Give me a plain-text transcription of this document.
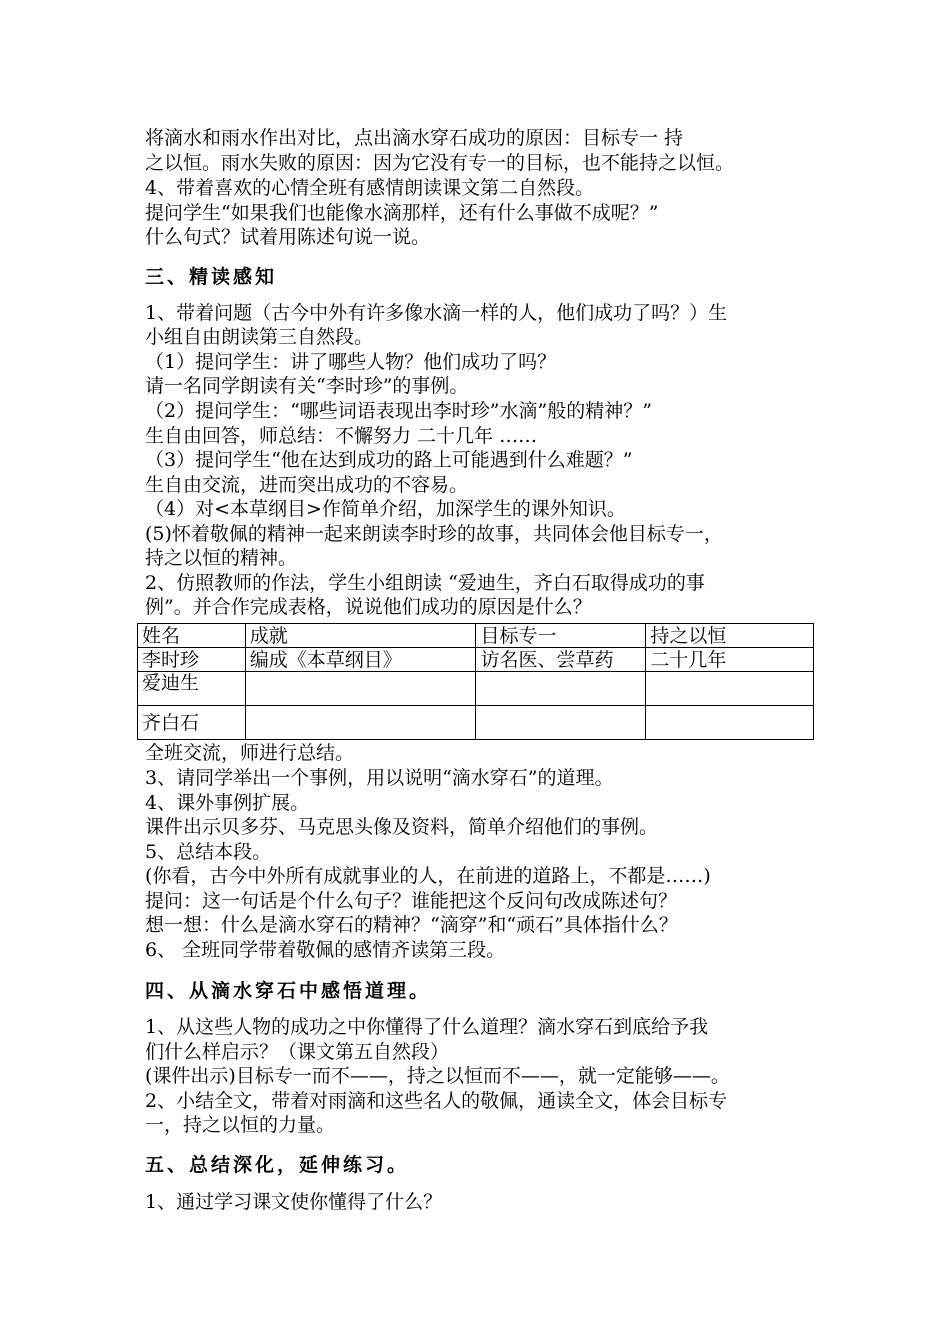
将滴水和雨水作出对比，点出滴水穿石成功的原因：目标专一 持
之以恒。雨水失败的原因：因为它没有专一的目标，也不能持之以恒。
4、带着喜欢的心情全班有感情朗读课文第二自然段。
提问学生“如果我们也能像水滴那样，还有什么事做不成呢？”
什么句式？试着用陈述句说一说。
三、精读感知
1、带着问题（古今中外有许多像水滴一样的人，他们成功了吗？）生
小组自由朗读第三自然段。
（1）提问学生：讲了哪些人物？他们成功了吗？
请一名同学朗读有关“李时珍”的事例。
（2）提问学生：“哪些词语表现出李时珍”水滴”般的精神？”
生自由回答，师总结：不懈努力 二十几年 ……
（3）提问学生“他在达到成功的路上可能遇到什么难题？”
生自由交流，进而突出成功的不容易。
（4）对<本草纲目>作简单介绍，加深学生的课外知识。
(5)怀着敬佩的精神一起来朗读李时珍的故事，共同体会他目标专一，
持之以恒的精神。
2、仿照教师的作法，学生小组朗读 “爱迪生，齐白石取得成功的事
例”。并合作完成表格，说说他们成功的原因是什么？
姓名	成就	目标专一	持之以恒
李时珍	编成《本草纲目》	访名医、尝草药	二十几年
爱迪生			
齐白石			
全班交流，师进行总结。
3、请同学举出一个事例，用以说明“滴水穿石”的道理。
4、课外事例扩展。
课件出示贝多芬、马克思头像及资料，简单介绍他们的事例。
5、总结本段。
(你看，古今中外所有成就事业的人，在前进的道路上，不都是……)
提问：这一句话是个什么句子？谁能把这个反问句改成陈述句？
想一想：什么是滴水穿石的精神？“滴穿”和“顽石”具体指什么？
6、 全班同学带着敬佩的感情齐读第三段。
四、从滴水穿石中感悟道理。
1、从这些人物的成功之中你懂得了什么道理？滴水穿石到底给予我
们什么样启示？（课文第五自然段）
(课件出示)目标专一而不——，持之以恒而不——，就一定能够——。
2、小结全文，带着对雨滴和这些名人的敬佩，通读全文，体会目标专
一，持之以恒的力量。
五、总结深化，延伸练习。
1、通过学习课文使你懂得了什么？
